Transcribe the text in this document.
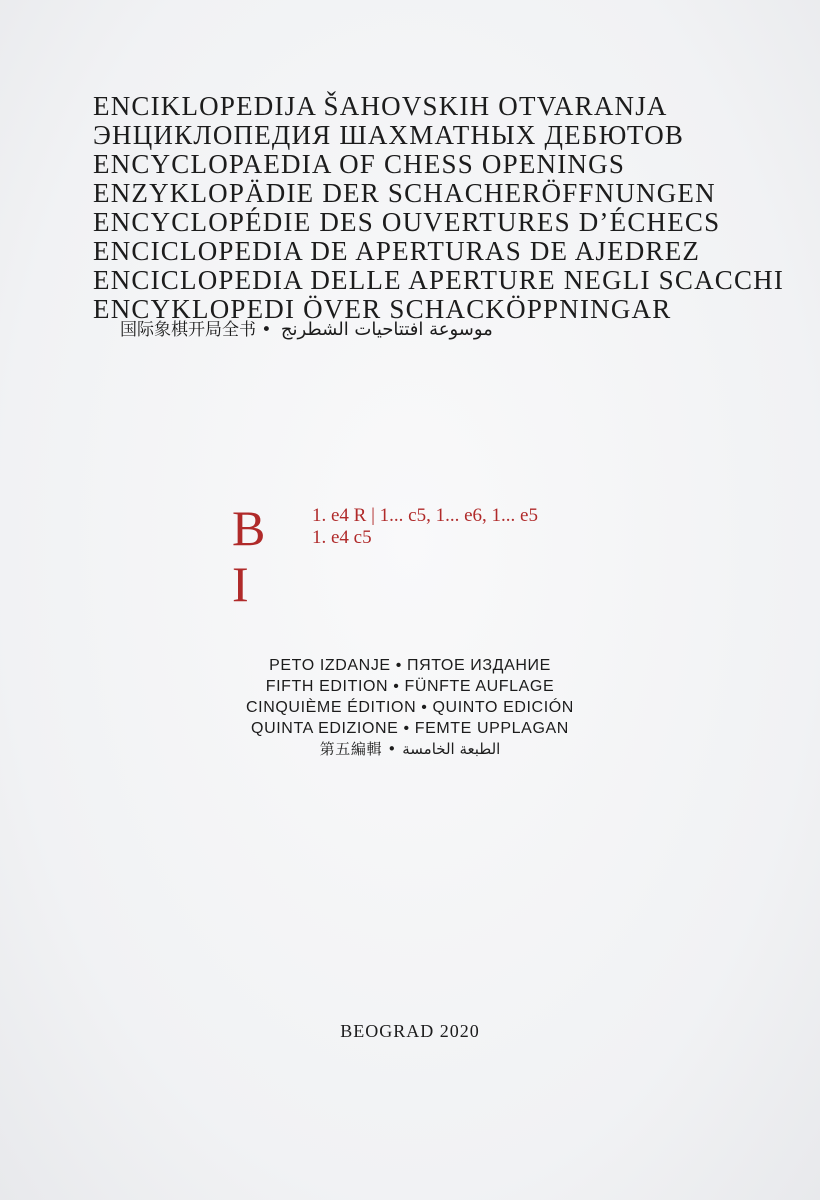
ENCIKLOPEDIJA ŠAHOVSKIH OTVARANJA
ЭНЦИКЛОПЕДИЯ ШАХМАТНЫХ ДЕБЮТОВ
ENCYCLOPAEDIA OF CHESS OPENINGS
ENZYKLOPÄDIE DER SCHACHERÖFFNUNGEN
ENCYCLOPÉDIE DES OUVERTURES D’ÉCHECS
ENCICLOPEDIA DE APERTURAS DE AJEDREZ
ENCICLOPEDIA DELLE APERTURE NEGLI SCACCHI
ENCYKLOPEDI ÖVER SCHACKÖPPNINGAR
国际象棋开局全书 • موسوعة افتتاحيات الشطرنج
B I
1. e4 R | 1... c5, 1... e6, 1... e5
1. e4 c5
PETO IZDANJE • ПЯТОЕ ИЗДАНИЕ
FIFTH EDITION • FÜNFTE AUFLAGE
CINQUIÈME ÉDITION • QUINTO EDICIÓN
QUINTA EDIZIONE • FEMTE UPPLAGAN
第五編輯 • الطبعة الخامسة
BEOGRAD 2020
